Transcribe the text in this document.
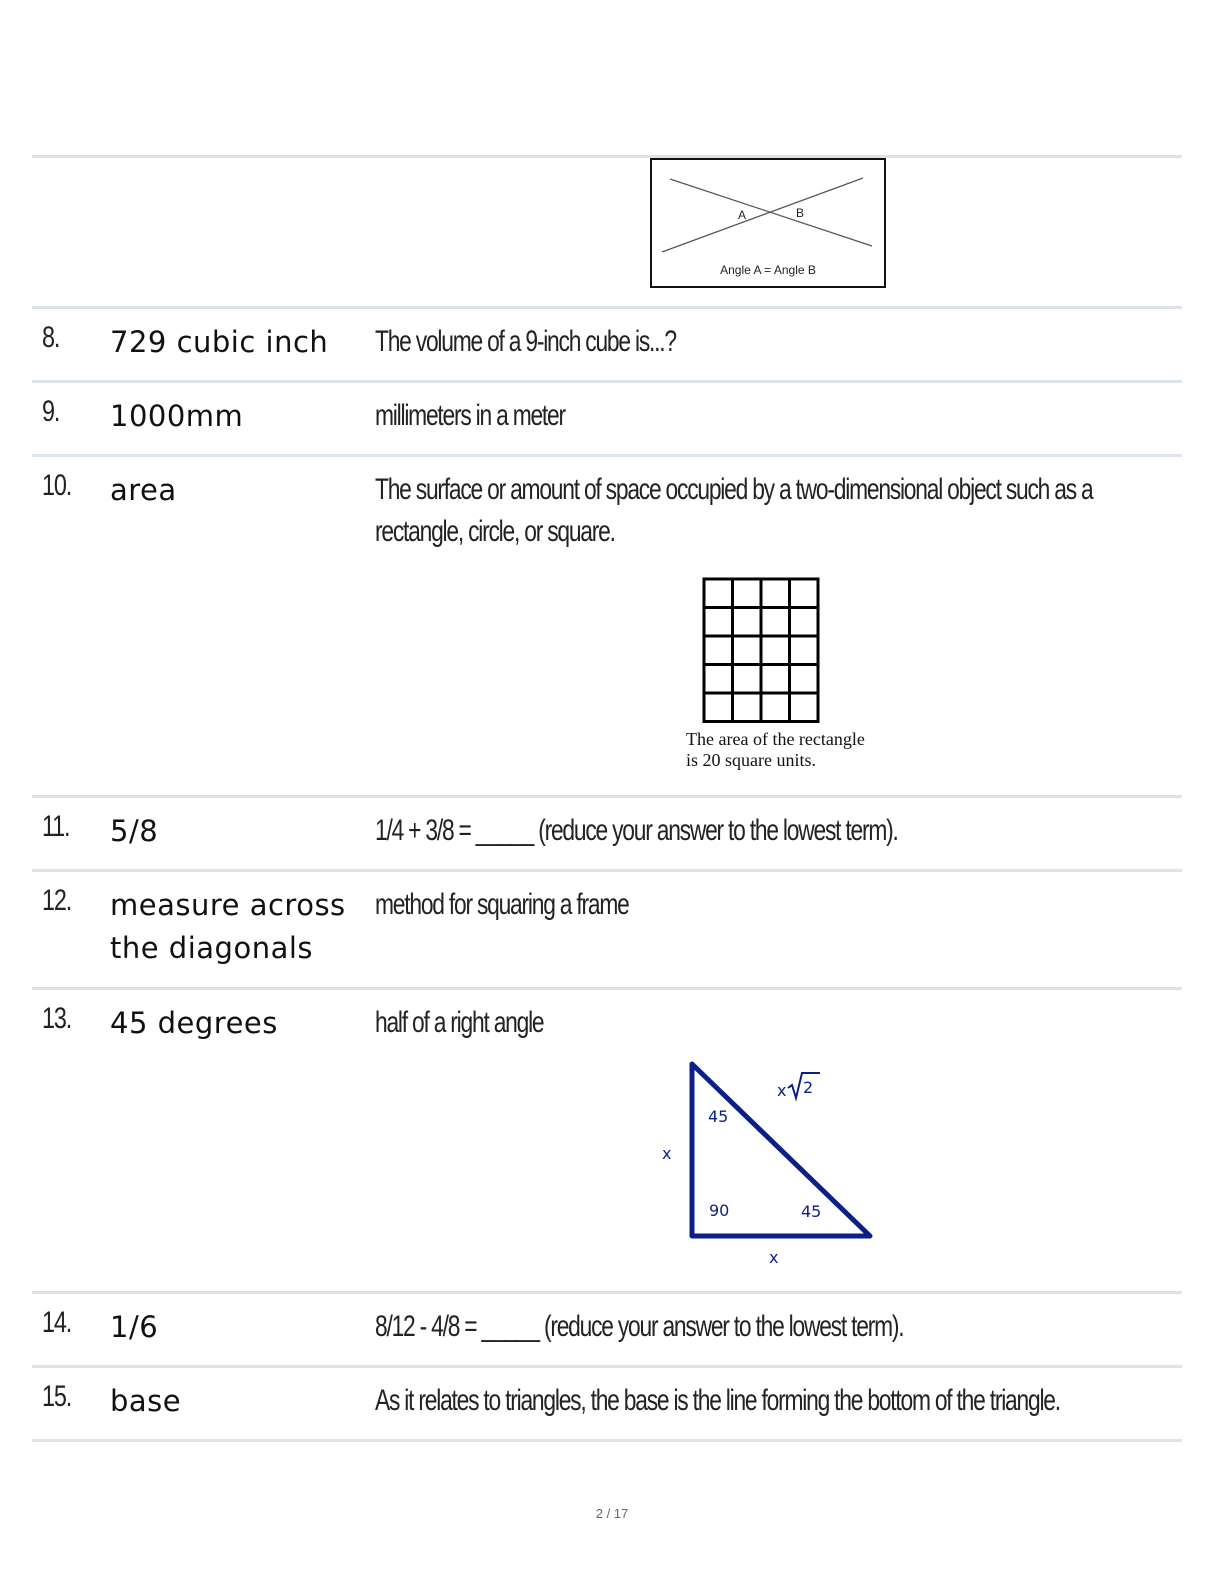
A	B
Angle A = Angle B
8. 729 cubic inch	The volume of a 9-inch cube is...?
9. 1000mm	millimeters in a meter
10. area	The surface or amount of space occupied by a two-dimensional object such as a rectangle, circle, or square.
The area of the rectangle
is 20 square units.
11. 5/8	1/4 + 3/8 = _____ (reduce your answer to the lowest term).
12. measure across the diagonals
method for squaring a frame
13. 45 degrees	half of a right angle
45
90	45
x
x
x 2
14. 1/6	8/12 - 4/8 = _____ (reduce your answer to the lowest term).
15. base	As it relates to triangles, the base is the line forming the bottom of the triangle.
2 / 17
